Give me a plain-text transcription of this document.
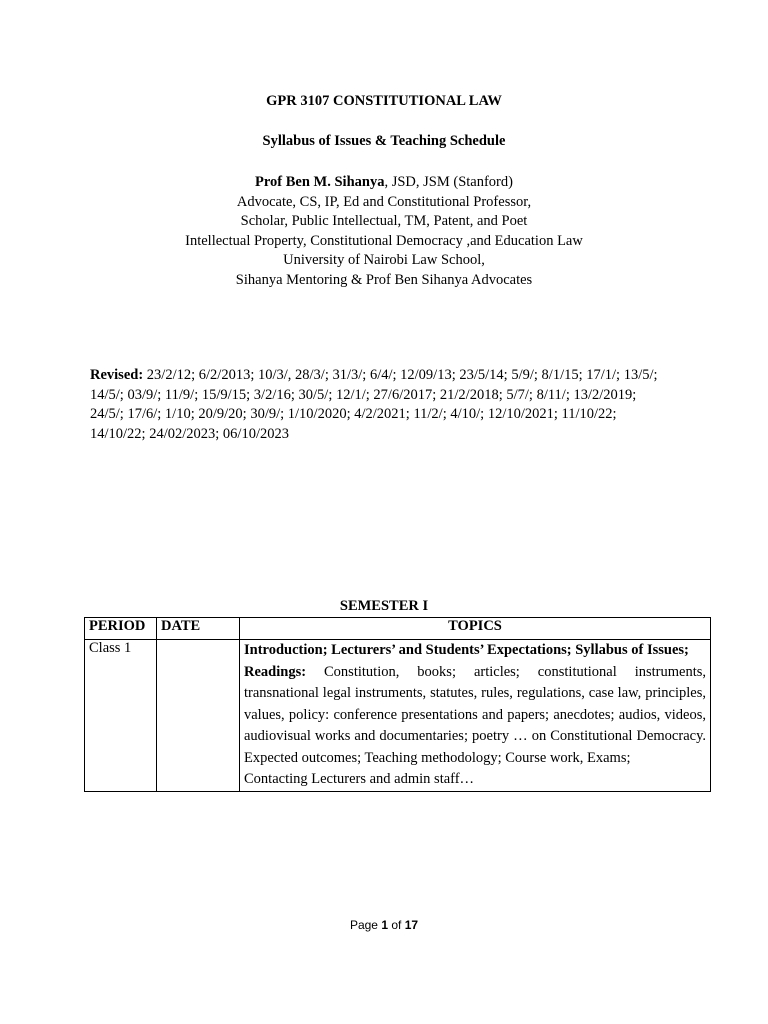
GPR 3107 CONSTITUTIONAL LAW
Syllabus of Issues & Teaching Schedule
Prof Ben M. Sihanya, JSD, JSM (Stanford)
Advocate, CS, IP, Ed and Constitutional Professor,
Scholar, Public Intellectual, TM, Patent, and Poet
Intellectual Property, Constitutional Democracy ,and Education Law
University of Nairobi Law School,
Sihanya Mentoring & Prof Ben Sihanya Advocates
Revised: 23/2/12; 6/2/2013; 10/3/, 28/3/; 31/3/; 6/4/; 12/09/13; 23/5/14; 5/9/; 8/1/15; 17/1/; 13/5/; 14/5/; 03/9/; 11/9/; 15/9/15; 3/2/16; 30/5/; 12/1/; 27/6/2017; 21/2/2018; 5/7/; 8/11/; 13/2/2019; 24/5/; 17/6/; 1/10; 20/9/20; 30/9/; 1/10/2020; 4/2/2021; 11/2/; 4/10/; 12/10/2021; 11/10/22; 14/10/22; 24/02/2023; 06/10/2023
SEMESTER I
PERIOD	DATE	TOPICS
Class 1		Introduction; Lecturers’ and Students’ Expectations; Syllabus of Issues;
Readings: Constitution, books; articles; constitutional instruments, transnational legal instruments, statutes, rules, regulations, case law, principles, values, policy: conference presentations and papers; anecdotes; audios, videos, audiovisual works and documentaries; poetry … on Constitutional Democracy. Expected outcomes; Teaching methodology; Course work, Exams;
Contacting Lecturers and admin staff…
Page 1 of 17
